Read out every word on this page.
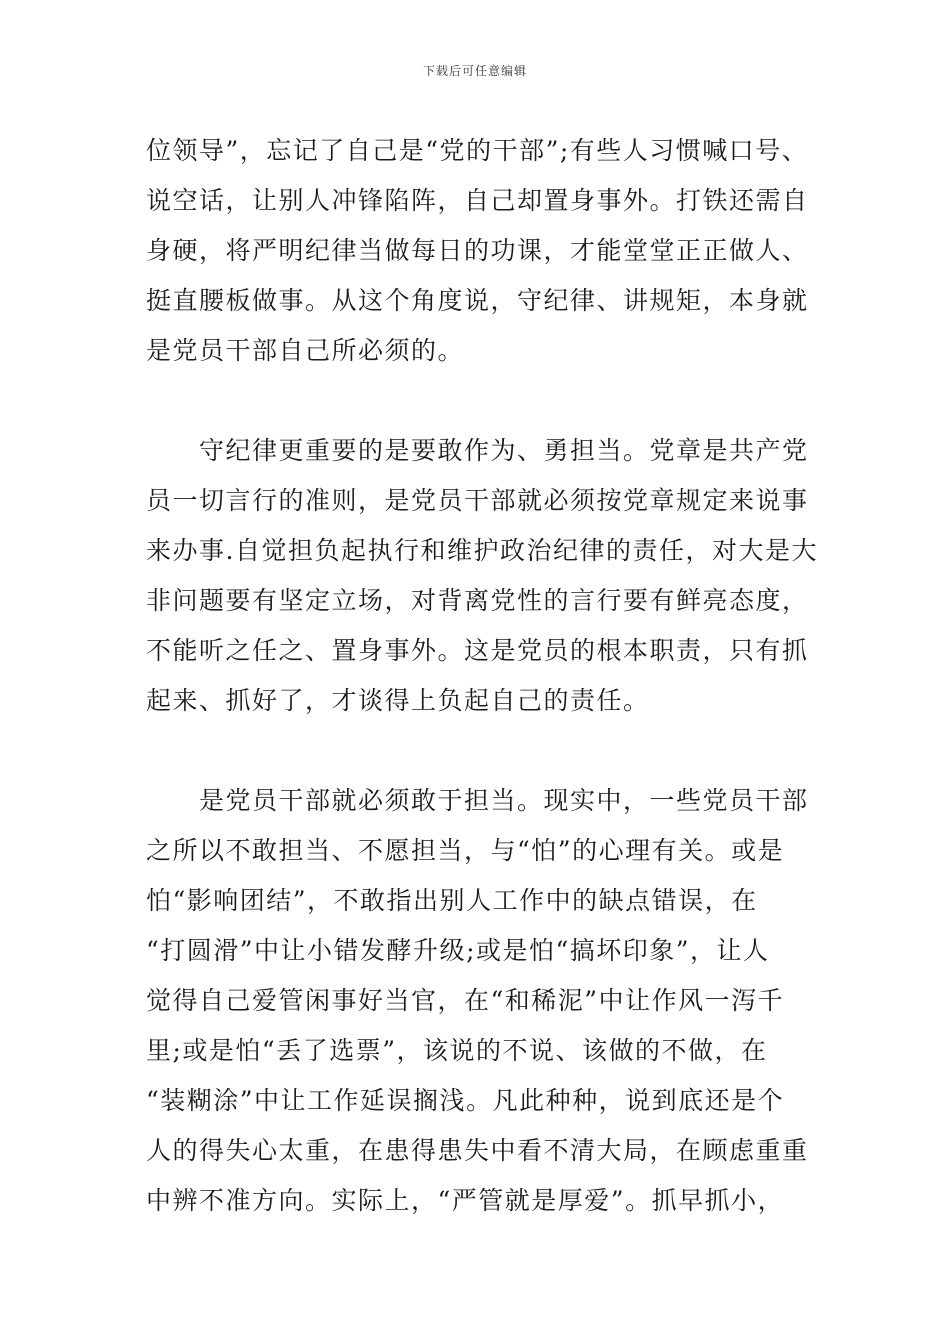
下载后可任意编辑
位领导”，忘记了自己是“党的干部”;有些人习惯喊口号、
说空话，让别人冲锋陷阵，自己却置身事外。打铁还需自
身硬，将严明纪律当做每日的功课，才能堂堂正正做人、
挺直腰板做事。从这个角度说，守纪律、讲规矩，本身就
是党员干部自己所必须的。
　　守纪律更重要的是要敢作为、勇担当。党章是共产党
员一切言行的准则，是党员干部就必须按党章规定来说事
来办事.自觉担负起执行和维护政治纪律的责任，对大是大
非问题要有坚定立场，对背离党性的言行要有鲜亮态度，
不能听之任之、置身事外。这是党员的根本职责，只有抓
起来、抓好了，才谈得上负起自己的责任。
　　是党员干部就必须敢于担当。现实中，一些党员干部
之所以不敢担当、不愿担当，与“怕”的心理有关。或是
怕“影响团结”，不敢指出别人工作中的缺点错误，在
“打圆滑”中让小错发酵升级;或是怕“搞坏印象”，让人
觉得自己爱管闲事好当官，在“和稀泥”中让作风一泻千
里;或是怕“丢了选票”，该说的不说、该做的不做，在
“装糊涂”中让工作延误搁浅。凡此种种，说到底还是个
人的得失心太重，在患得患失中看不清大局，在顾虑重重
中辨不准方向。实际上，“严管就是厚爱”。抓早抓小，
